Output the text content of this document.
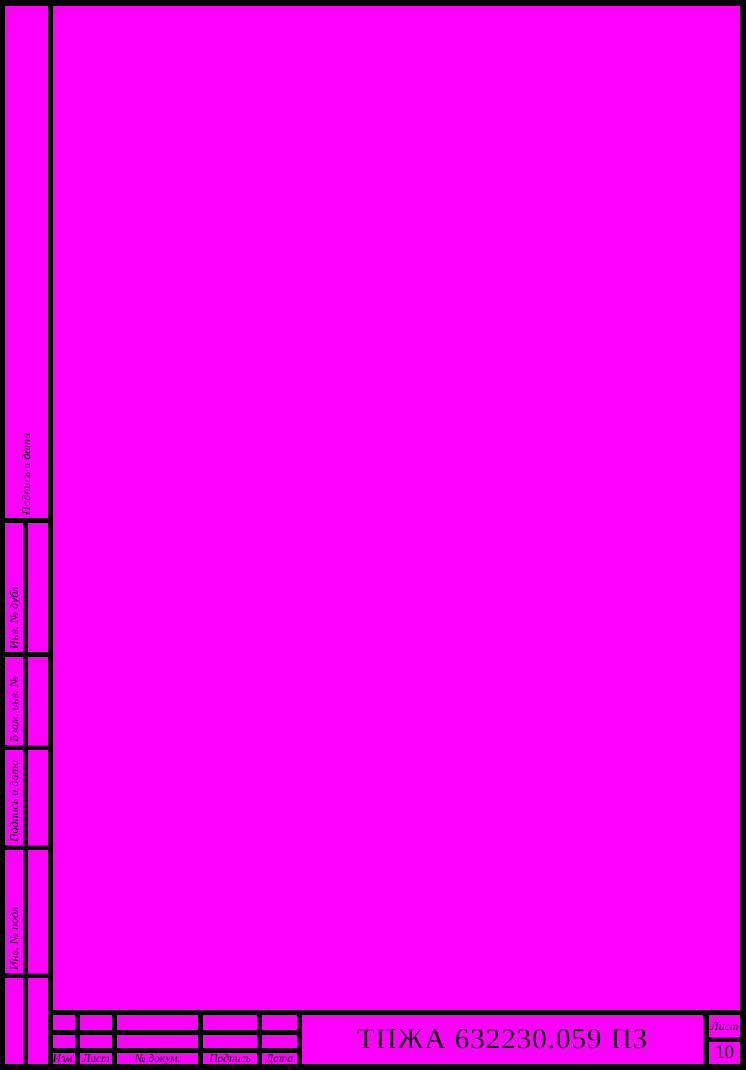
Подпись и дата
Инв. № дубл.
Взам. инв. №
Подпись и дата
Инв. № подл.
Изм. Лист	№ докум.	Подпись	Дата
ТПЖА 632230.059 ПЗ	Лист
10
